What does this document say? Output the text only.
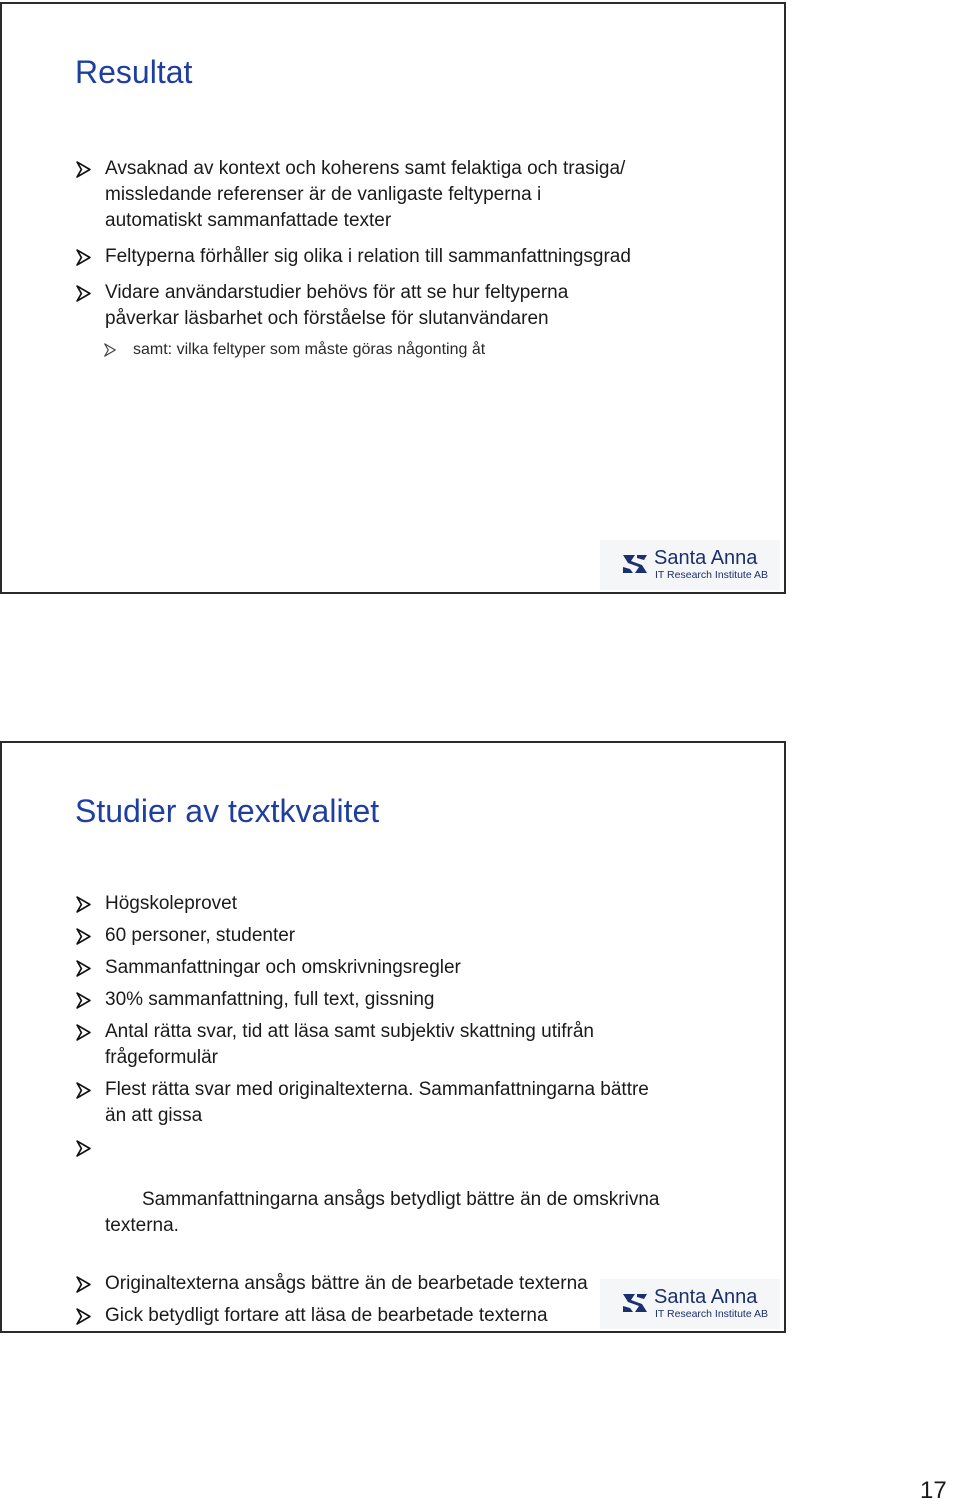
Resultat
Avsaknad av kontext och koherens samt felaktiga och trasiga/
missledande referenser är de vanligaste feltyperna i
automatiskt sammanfattade texter
Feltyperna förhåller sig olika i relation till sammanfattningsgrad
Vidare användarstudier behövs för att se hur feltyperna
påverkar läsbarhet och förståelse för slutanvändaren
samt: vilka feltyper som måste göras någonting åt
Santa Anna
IT Research Institute AB
Studier av textkvalitet
Högskoleprovet
60 personer, studenter
Sammanfattningar och omskrivningsregler
30% sammanfattning, full text, gissning
Antal rätta svar, tid att läsa samt subjektiv skattning utifrån
frågeformulär
Flest rätta svar med originaltexterna. Sammanfattningarna bättre
än att gissa

Sammanfattningarna ansågs betydligt bättre än de omskrivna
texterna.

Originaltexterna ansågs bättre än de bearbetade texterna
Gick betydligt fortare att läsa de bearbetade texterna
Santa Anna
IT Research Institute AB
17
